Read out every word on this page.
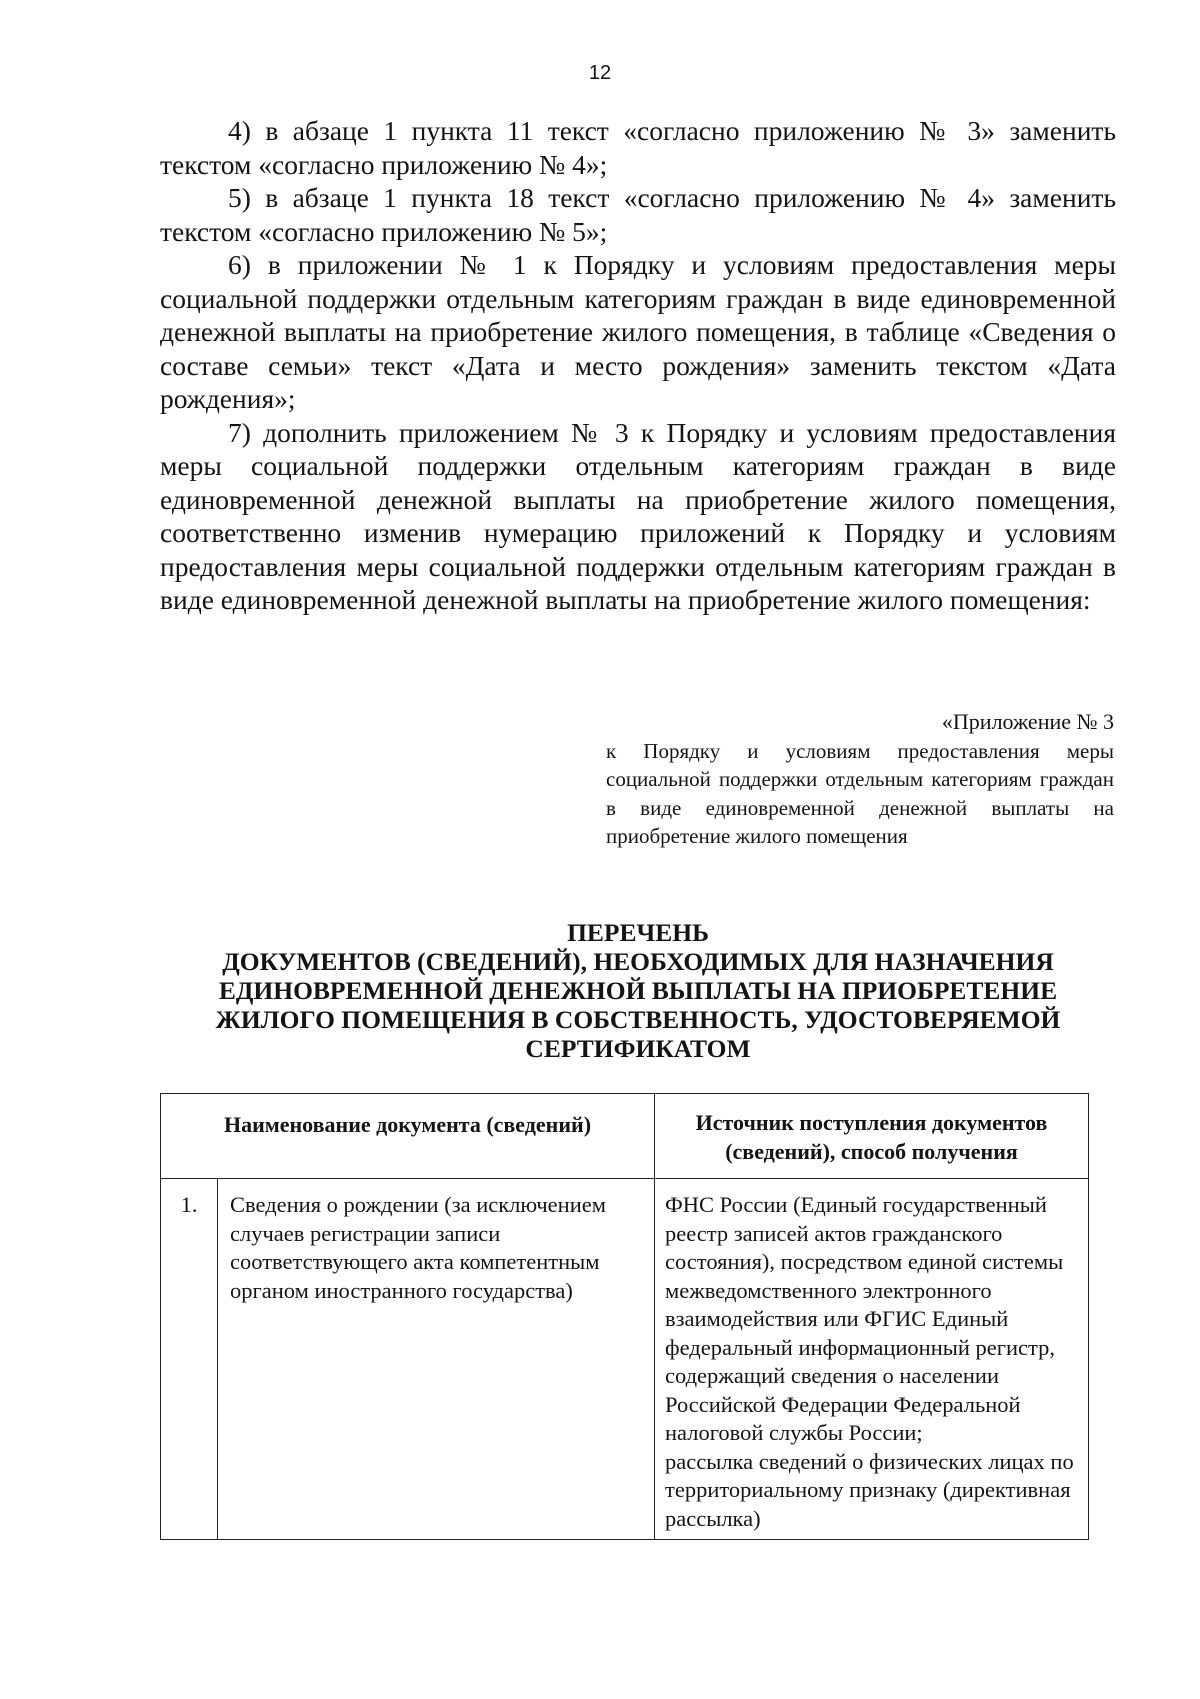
12

4) в абзаце 1 пункта 11 текст «согласно приложению № 3» заменить текстом «согласно приложению № 4»;

5) в абзаце 1 пункта 18 текст «согласно приложению № 4» заменить текстом «согласно приложению № 5»;

6) в приложении № 1 к Порядку и условиям предоставления меры социальной поддержки отдельным категориям граждан в виде единовременной денежной выплаты на приобретение жилого помещения, в таблице «Сведения о составе семьи» текст «Дата и место рождения» заменить текстом «Дата рождения»;

7) дополнить приложением № 3 к Порядку и условиям предоставления меры социальной поддержки отдельным категориям граждан в виде единовременной денежной выплаты на приобретение жилого помещения, соответственно изменив нумерацию приложений к Порядку и условиям предоставления меры социальной поддержки отдельным категориям граждан в виде единовременной денежной выплаты на приобретение жилого помещения:

«Приложение № 3

к Порядку и условиям предоставления меры социальной поддержки отдельным категориям граждан в виде единовременной денежной выплаты на приобретение жилого помещения

ПЕРЕЧЕНЬ
ДОКУМЕНТОВ (СВЕДЕНИЙ), НЕОБХОДИМЫХ ДЛЯ НАЗНАЧЕНИЯ
ЕДИНОВРЕМЕННОЙ ДЕНЕЖНОЙ ВЫПЛАТЫ НА ПРИОБРЕТЕНИЕ
ЖИЛОГО ПОМЕЩЕНИЯ В СОБСТВЕННОСТЬ, УДОСТОВЕРЯЕМОЙ
СЕРТИФИКАТОМ
Наименование документа (сведений)		Источник поступления документов (сведений), способ получения
1.	Сведения о рождении (за исключением случаев регистрации записи соответствующего акта компетентным органом иностранного государства)	ФНС России (Единый государственный реестр записей актов гражданского состояния), посредством единой системы межведомственного электронного взаимодействия или ФГИС Единый федеральный информационный регистр, содержащий сведения о населении Российской Федерации Федеральной налоговой службы России;
рассылка сведений о физических лицах по территориальному признаку (директивная рассылка)
